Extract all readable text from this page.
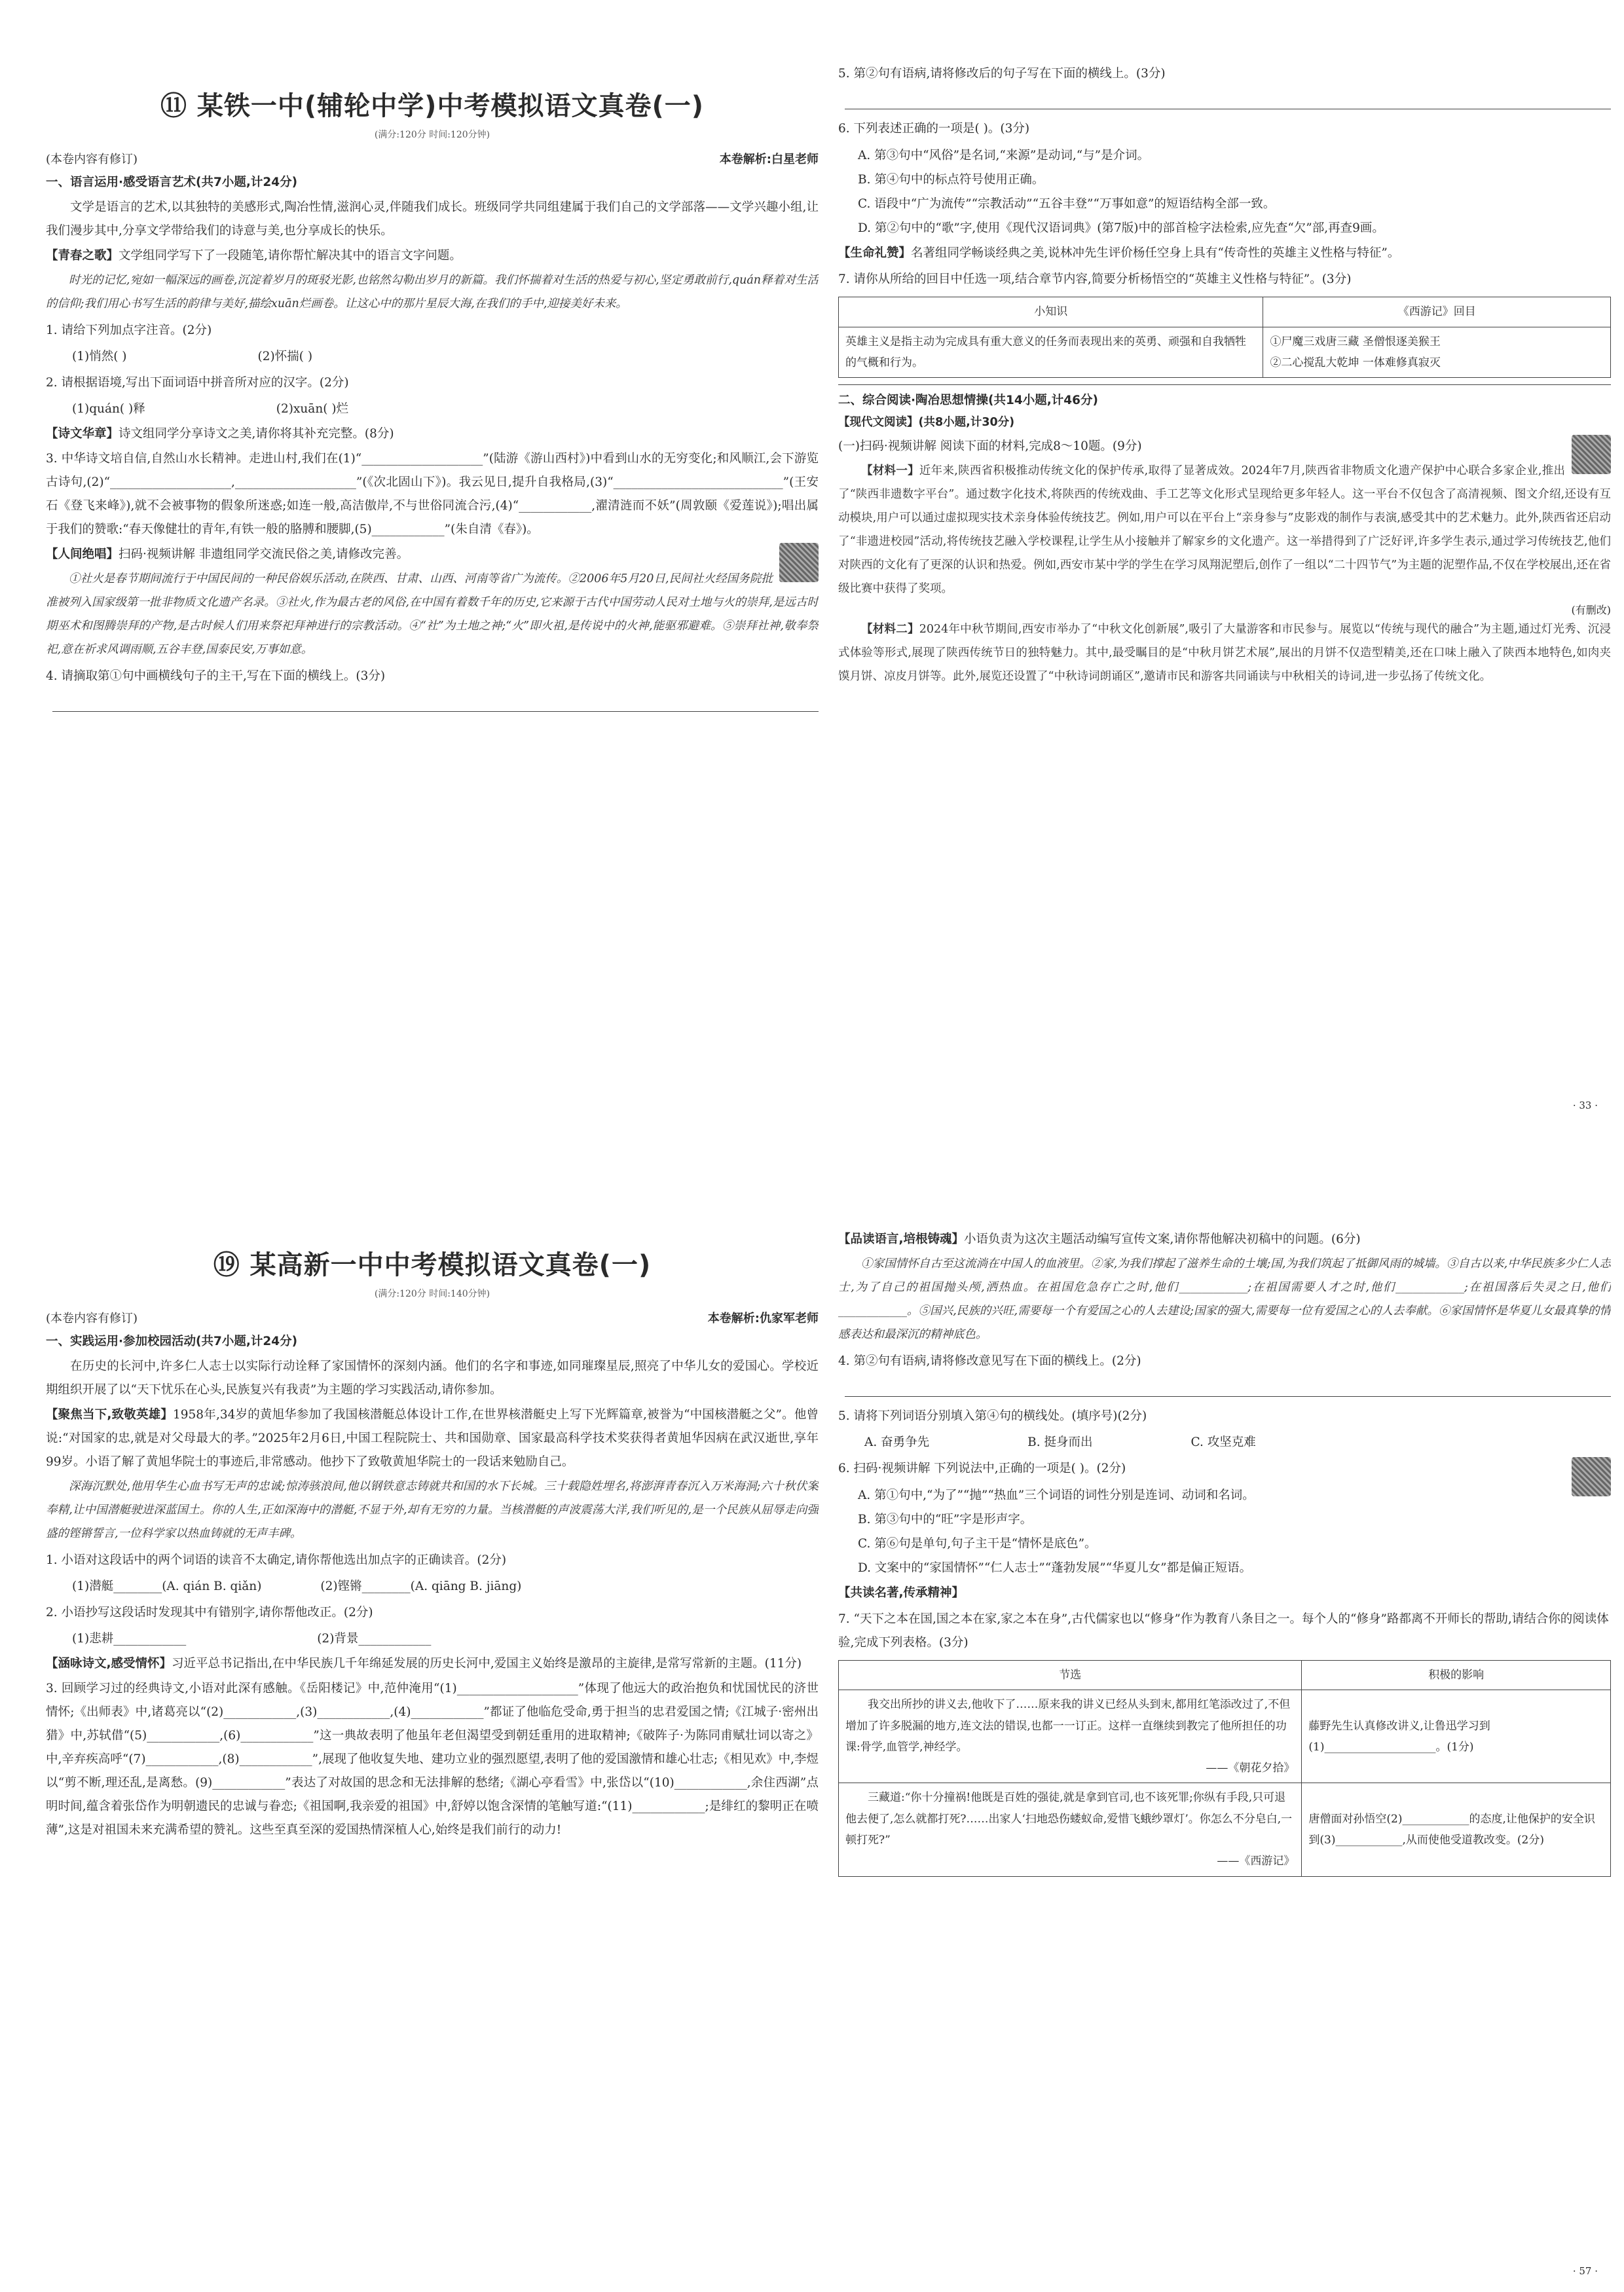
⑪ 某铁一中(辅轮中学)中考模拟语文真卷(一)
(满分:120分 时间:120分钟)
(本卷内容有修订)	本卷解析:白星老师
一、语言运用·感受语言艺术(共7小题,计24分)
文学是语言的艺术,以其独特的美感形式,陶冶性情,滋润心灵,伴随我们成长。班级同学共同组建属于我们自己的文学部落——文学兴趣小组,让我们漫步其中,分享文学带给我们的诗意与美,也分享成长的快乐。
【青春之歌】文学组同学写下了一段随笔,请你帮忙解决其中的语言文字问题。
时光的记忆,宛如一幅深远的画卷,沉淀着岁月的斑驳光影,也铭然勾勒出岁月的新篇。我们怀揣着对生活的热爱与初心,坚定勇敢前行,quán释着对生活的信仰;我们用心书写生活的韵律与美好,描绘xuān烂画卷。让这心中的那片星辰大海,在我们的手中,迎接美好未来。
1. 请给下列加点字注音。(2分)
(1)悄然( )	(2)怀揣( )
2. 请根据语境,写出下面词语中拼音所对应的汉字。(2分)
(1)quán( )释	(2)xuān( )烂
【诗文华章】诗文组同学分享诗文之美,请你将其补充完整。(8分)
3. 中华诗文培自信,自然山水长精神。走进山村,我们在(1)“____________________”(陆游《游山西村》)中看到山水的无穷变化;和风顺江,会下游览古诗句,(2)“____________________,____________________”(《次北固山下》)。我云见日,提升自我格局,(3)“____________________________”(王安石《登飞来峰》),就不会被事物的假象所迷惑;如连一般,高洁傲岸,不与世俗同流合污,(4)“____________,濯清涟而不妖”(周敦颐《爱莲说》);唱出属于我们的赞歌:“春天像健壮的青年,有铁一般的胳膊和腰脚,(5)____________”(朱自清《春》)。
【人间绝唱】扫码·视频讲解 非遗组同学交流民俗之美,请修改完善。
①社火是春节期间流行于中国民间的一种民俗娱乐活动,在陕西、甘肃、山西、河南等省广为流传。②2006年5月20日,民间社火经国务院批准被列入国家级第一批非物质文化遗产名录。③社火,作为最古老的风俗,在中国有着数千年的历史,它来源于古代中国劳动人民对土地与火的崇拜,是远古时期巫术和图腾崇拜的产物,是古时候人们用来祭祀拜神进行的宗教活动。④“社”为土地之神;“火”即火祖,是传说中的火神,能驱邪避难。⑤崇拜社神,敬奉祭祀,意在祈求风调雨顺,五谷丰登,国泰民安,万事如意。
4. 请摘取第①句中画横线句子的主干,写在下面的横线上。(3分)
5. 第②句有语病,请将修改后的句子写在下面的横线上。(3分)
6. 下列表述正确的一项是( )。(3分)
A. 第③句中“风俗”是名词,“来源”是动词,“与”是介词。
B. 第④句中的标点符号使用正确。
C. 语段中“广为流传”“宗教活动”“五谷丰登”“万事如意”的短语结构全部一致。
D. 第②句中的“歌”字,使用《现代汉语词典》(第7版)中的部首检字法检索,应先查“欠”部,再查9画。
【生命礼赞】名著组同学畅谈经典之美,说林冲先生评价杨任空身上具有“传奇性的英雄主义性格与特征”。
7. 请你从所给的回目中任选一项,结合章节内容,简要分析杨悟空的“英雄主义性格与特征”。(3分)
小知识	《西游记》回目
英雄主义是指主动为完成具有重大意义的任务而表现出来的英勇、顽强和自我牺牲的气概和行为。	①尸魔三戏唐三藏 圣僧恨逐美猴王
②二心搅乱大乾坤 一体难修真寂灭
二、综合阅读·陶冶思想情操(共14小题,计46分)
【现代文阅读】(共8小题,计30分)
(一)扫码·视频讲解 阅读下面的材料,完成8～10题。(9分)
【材料一】近年来,陕西省积极推动传统文化的保护传承,取得了显著成效。2024年7月,陕西省非物质文化遗产保护中心联合多家企业,推出了“陕西非遗数字平台”。通过数字化技术,将陕西的传统戏曲、手工艺等文化形式呈现给更多年轻人。这一平台不仅包含了高清视频、图文介绍,还设有互动模块,用户可以通过虚拟现实技术亲身体验传统技艺。例如,用户可以在平台上“亲身参与”皮影戏的制作与表演,感受其中的艺术魅力。此外,陕西省还启动了“非遗进校园”活动,将传统技艺融入学校课程,让学生从小接触并了解家乡的文化遗产。这一举措得到了广泛好评,许多学生表示,通过学习传统技艺,他们对陕西的文化有了更深的认识和热爱。例如,西安市某中学的学生在学习凤翔泥塑后,创作了一组以“二十四节气”为主题的泥塑作品,不仅在学校展出,还在省级比赛中获得了奖项。
(有删改)
【材料二】2024年中秋节期间,西安市举办了“中秋文化创新展”,吸引了大量游客和市民参与。展览以“传统与现代的融合”为主题,通过灯光秀、沉浸式体验等形式,展现了陕西传统节日的独特魅力。其中,最受瞩目的是“中秋月饼艺术展”,展出的月饼不仅造型精美,还在口味上融入了陕西本地特色,如肉夹馍月饼、凉皮月饼等。此外,展览还设置了“中秋诗词朗诵区”,邀请市民和游客共同诵读与中秋相关的诗词,进一步弘扬了传统文化。
· 33 ·
⑲ 某高新一中中考模拟语文真卷(一)
(满分:120分 时间:140分钟)
(本卷内容有修订)	本卷解析:仇家军老师
一、实践运用·参加校园活动(共7小题,计24分)
在历史的长河中,许多仁人志士以实际行动诠释了家国情怀的深刻内涵。他们的名字和事迹,如同璀璨星辰,照亮了中华儿女的爱国心。学校近期组织开展了以“天下忧乐在心头,民族复兴有我责”为主题的学习实践活动,请你参加。
【聚焦当下,致敬英雄】1958年,34岁的黄旭华参加了我国核潜艇总体设计工作,在世界核潜艇史上写下光辉篇章,被誉为“中国核潜艇之父”。他曾说:“对国家的忠,就是对父母最大的孝。”2025年2月6日,中国工程院院士、共和国勋章、国家最高科学技术奖获得者黄旭华因病在武汉逝世,享年99岁。小语了解了黄旭华院士的事迹后,非常感动。他抄下了致敬黄旭华院士的一段话来勉励自己。
深海沉默处,他用华生心血书写无声的忠诚;惊涛骇浪间,他以钢铁意志铸就共和国的水下长城。三十载隐姓埋名,将澎湃青春沉入万米海洞;六十秋伏案奉精,让中国潜艇驶进深蓝国土。你的人生,正如深海中的潜艇,不显于外,却有无穷的力量。当核潜艇的声波震荡大洋,我们听见的,是一个民族从屈辱走向强盛的铿锵誓言,一位科学家以热血铸就的无声丰碑。
1. 小语对这段话中的两个词语的读音不太确定,请你帮他选出加点字的正确读音。(2分)
(1)潜艇________(A. qián B. qiǎn)	(2)铿锵________(A. qiāng B. jiāng)
2. 小语抄写这段话时发现其中有错别字,请你帮他改正。(2分)
(1)悲耕____________	(2)背景____________
【涵咏诗文,感受情怀】习近平总书记指出,在中华民族几千年绵延发展的历史长河中,爱国主义始终是激昂的主旋律,是常写常新的主题。(11分)
3. 回顾学习过的经典诗文,小语对此深有感触。《岳阳楼记》中,范仲淹用“(1)____________________”体现了他远大的政治抱负和忧国忧民的济世情怀;《出师表》中,诸葛亮以“(2)____________,(3)____________,(4)____________”都证了他临危受命,勇于担当的忠君爱国之情;《江城子·密州出猎》中,苏轼借“(5)____________,(6)____________”这一典故表明了他虽年老但渴望受到朝廷重用的进取精神;《破阵子·为陈同甫赋壮词以寄之》中,辛弃疾高呼“(7)____________,(8)____________”,展现了他收复失地、建功立业的强烈愿望,表明了他的爱国激情和雄心壮志;《相见欢》中,李煜以“剪不断,理还乱,是离愁。(9)____________”表达了对故国的思念和无法排解的愁绪;《湖心亭看雪》中,张岱以“(10)____________,余住西湖”点明时间,蕴含着张岱作为明朝遗民的忠诚与眷恋;《祖国啊,我亲爱的祖国》中,舒婷以饱含深情的笔触写道:“(11)____________;是绯红的黎明正在喷薄”,这是对祖国未来充满希望的赞礼。这些至真至深的爱国热情深植人心,始终是我们前行的动力!
【品读语言,培根铸魂】小语负责为这次主题活动编写宣传文案,请你帮他解决初稿中的问题。(6分)
①家国情怀自古至这流淌在中国人的血液里。②家,为我们撑起了滋养生命的土壤;国,为我们筑起了抵御风雨的城墙。③自古以来,中华民族多少仁人志士,为了自己的祖国抛头颅,洒热血。在祖国危急存亡之时,他们____________;在祖国需要人才之时,他们____________;在祖国落后失灵之日,他们____________。⑤国兴,民族的兴旺,需要每一个有爱国之心的人去建设;国家的强大,需要每一位有爱国之心的人去奉献。⑥家国情怀是华夏儿女最真挚的情感表达和最深沉的精神底色。
4. 第②句有语病,请将修改意见写在下面的横线上。(2分)
5. 请将下列词语分别填入第④句的横线处。(填序号)(2分)
A. 奋勇争先	B. 挺身而出	C. 攻坚克难
6. 扫码·视频讲解 下列说法中,正确的一项是( )。(2分)
A. 第①句中,“为了”“抛”“热血”三个词语的词性分别是连词、动词和名词。
B. 第③句中的“旺”字是形声字。
C. 第⑥句是单句,句子主干是“情怀是底色”。
D. 文案中的“家国情怀”“仁人志士”“蓬勃发展”“华夏儿女”都是偏正短语。
【共读名著,传承精神】
7. “天下之本在国,国之本在家,家之本在身”,古代儒家也以“修身”作为教育八条目之一。每个人的“修身”路都离不开师长的帮助,请结合你的阅读体验,完成下列表格。(3分)
节选	积极的影响

我交出所抄的讲义去,他收下了……原来我的讲义已经从头到末,都用红笔添改过了,不但增加了许多脱漏的地方,连文法的错误,也都一一订正。这样一直继续到教完了他所担任的功课:骨学,血管学,神经学。
——《朝花夕拾》	藤野先生认真修改讲义,让鲁迅学习到(1)____________________。(1分)

三藏道:“你十分撞祸!他既是百姓的强徒,就是拿到官司,也不该死罪;你纵有手段,只可退他去便了,怎么就都打死?……出家人‘扫地恐伤蝼蚁命,爱惜飞蛾纱罩灯’。你怎么不分皂白,一顿打死?”
——《西游记》	唐僧面对孙悟空(2)____________的态度,让他保护的安全识到(3)____________,从而使他受道教改变。(2分)
· 57 ·
